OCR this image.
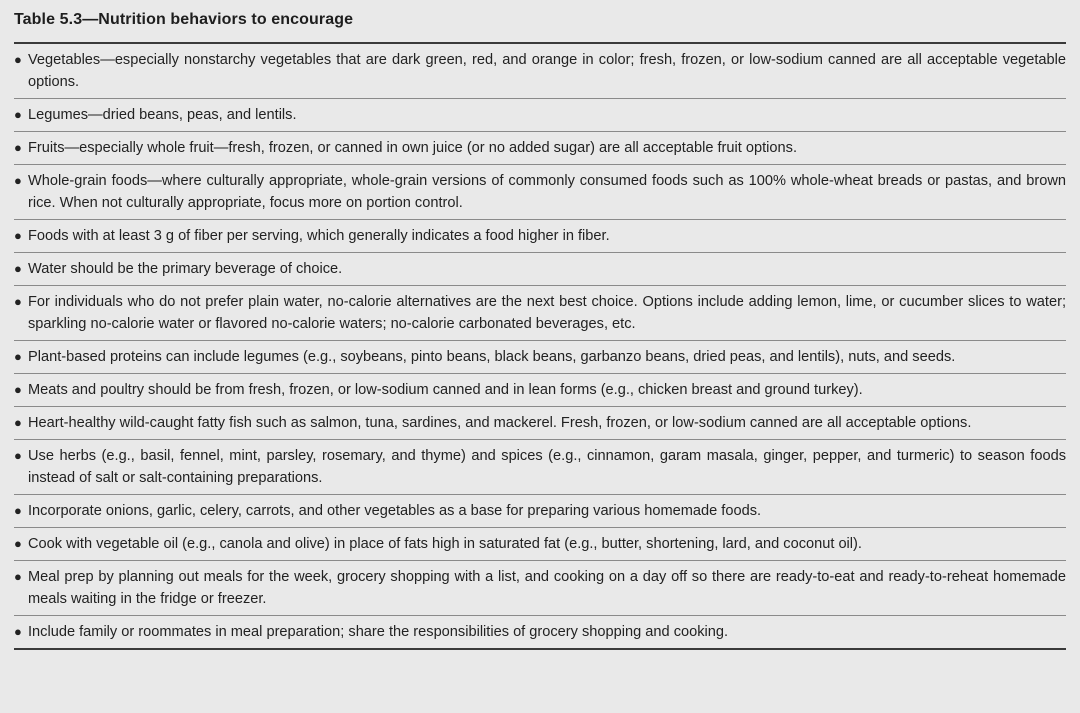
Table 5.3—Nutrition behaviors to encourage
● Vegetables—especially nonstarchy vegetables that are dark green, red, and orange in color; fresh, frozen, or low-sodium canned are all acceptable vegetable options.
● Legumes—dried beans, peas, and lentils.
● Fruits—especially whole fruit—fresh, frozen, or canned in own juice (or no added sugar) are all acceptable fruit options.
● Whole-grain foods—where culturally appropriate, whole-grain versions of commonly consumed foods such as 100% whole-wheat breads or pastas, and brown rice. When not culturally appropriate, focus more on portion control.
● Foods with at least 3 g of fiber per serving, which generally indicates a food higher in fiber.
● Water should be the primary beverage of choice.
● For individuals who do not prefer plain water, no-calorie alternatives are the next best choice. Options include adding lemon, lime, or cucumber slices to water; sparkling no-calorie water or flavored no-calorie waters; no-calorie carbonated beverages, etc.
● Plant-based proteins can include legumes (e.g., soybeans, pinto beans, black beans, garbanzo beans, dried peas, and lentils), nuts, and seeds.
● Meats and poultry should be from fresh, frozen, or low-sodium canned and in lean forms (e.g., chicken breast and ground turkey).
● Heart-healthy wild-caught fatty fish such as salmon, tuna, sardines, and mackerel. Fresh, frozen, or low-sodium canned are all acceptable options.
● Use herbs (e.g., basil, fennel, mint, parsley, rosemary, and thyme) and spices (e.g., cinnamon, garam masala, ginger, pepper, and turmeric) to season foods instead of salt or salt-containing preparations.
● Incorporate onions, garlic, celery, carrots, and other vegetables as a base for preparing various homemade foods.
● Cook with vegetable oil (e.g., canola and olive) in place of fats high in saturated fat (e.g., butter, shortening, lard, and coconut oil).
● Meal prep by planning out meals for the week, grocery shopping with a list, and cooking on a day off so there are ready-to-eat and ready-to-reheat homemade meals waiting in the fridge or freezer.
● Include family or roommates in meal preparation; share the responsibilities of grocery shopping and cooking.
